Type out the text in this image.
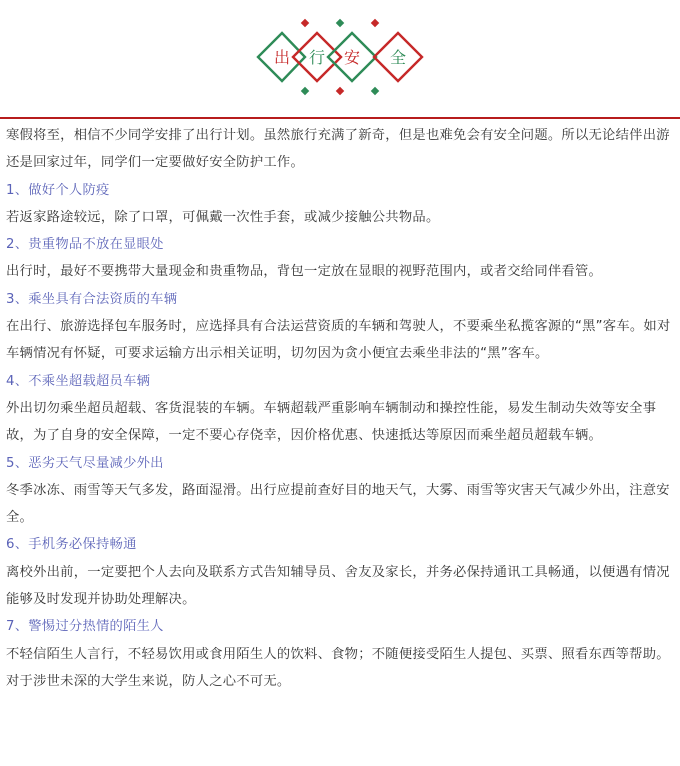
出 行 安 全

寒假将至，相信不少同学安排了出行计划。虽然旅行充满了新奇，但是也难免会有安全问题。所以无论结伴出游还是回家过年，同学们一定要做好安全防护工作。

1、做好个人防疫

若返家路途较远，除了口罩，可佩戴一次性手套，或减少接触公共物品。

2、贵重物品不放在显眼处

出行时，最好不要携带大量现金和贵重物品，背包一定放在显眼的视野范围内，或者交给同伴看管。

3、乘坐具有合法资质的车辆

在出行、旅游选择包车服务时，应选择具有合法运营资质的车辆和驾驶人，不要乘坐私揽客源的“黑”客车。如对车辆情况有怀疑，可要求运输方出示相关证明，切勿因为贪小便宜去乘坐非法的“黑”客车。

4、不乘坐超载超员车辆

外出切勿乘坐超员超载、客货混装的车辆。车辆超载严重影响车辆制动和操控性能，易发生制动失效等安全事故，为了自身的安全保障，一定不要心存侥幸，因价格优惠、快速抵达等原因而乘坐超员超载车辆。

5、恶劣天气尽量减少外出

冬季冰冻、雨雪等天气多发，路面湿滑。出行应提前查好目的地天气，大雾、雨雪等灾害天气减少外出，注意安全。

6、手机务必保持畅通

离校外出前，一定要把个人去向及联系方式告知辅导员、舍友及家长，并务必保持通讯工具畅通，以便遇有情况能够及时发现并协助处理解决。

7、警惕过分热情的陌生人

不轻信陌生人言行，不轻易饮用或食用陌生人的饮料、食物；不随便接受陌生人提包、买票、照看东西等帮助。对于涉世未深的大学生来说，防人之心不可无。
